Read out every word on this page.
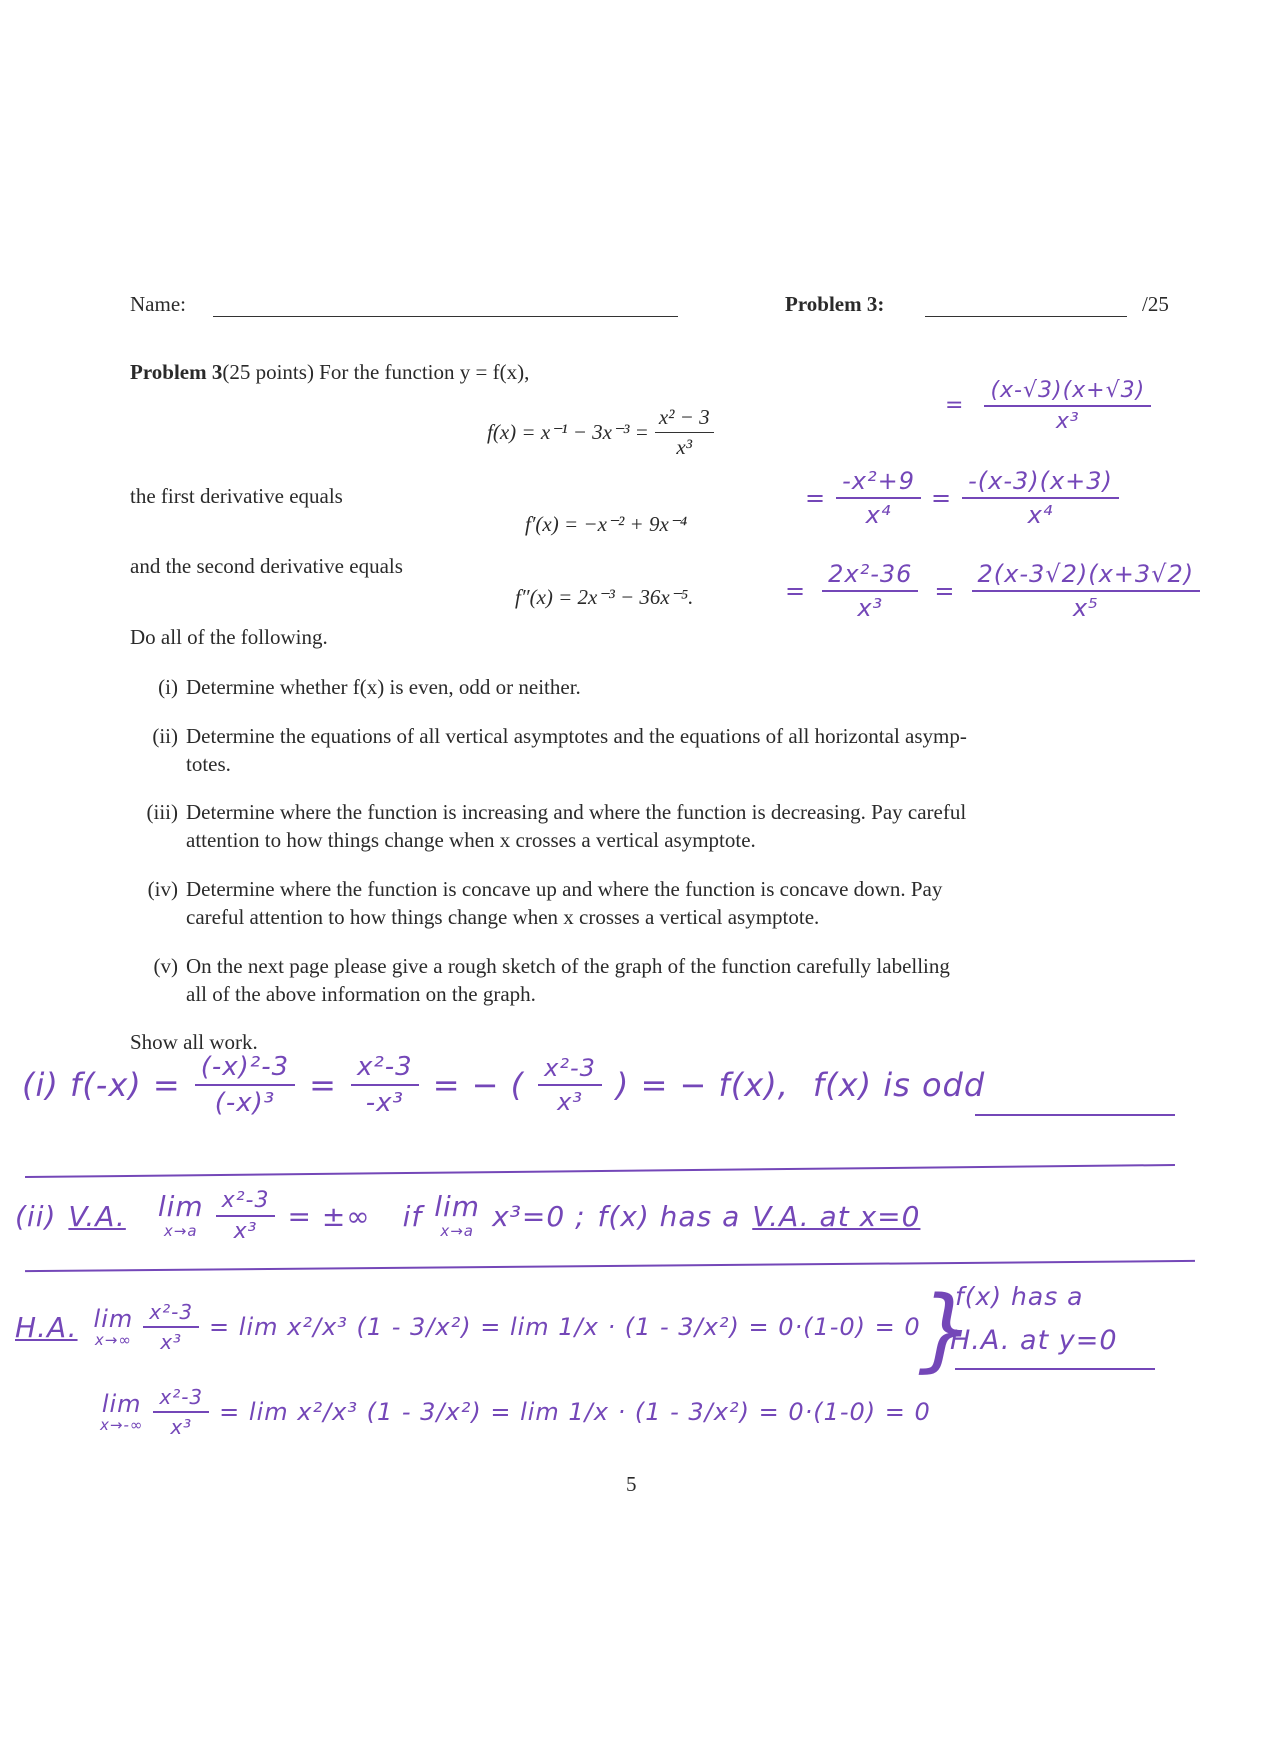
Name:	Problem 3:	/25
Problem 3(25 points) For the function y = f(x),
$f(x) = x^{-1} - 3x^{-3} = \frac{\text{x² − 3}}{\text{x³}}$
the first derivative equals
f′(x) = −x⁻² + 9x⁻⁴
and the second derivative equals
f″(x) = 2x⁻³ − 36x⁻⁵.
Do all of the following.
(i) Determine whether f(x) is even, odd or neither.
(ii) Determine the equations of all vertical asymptotes and the equations of all horizontal asymp-
totes.
(iii) Determine where the function is increasing and where the function is decreasing. Pay careful
attention to how things change when x crosses a vertical asymptote.
(iv) Determine where the function is concave up and where the function is concave down. Pay
careful attention to how things change when x crosses a vertical asymptote.
(v) On the next page please give a rough sketch of the graph of the function carefully labelling
all of the above information on the graph.
Show all work.
= $\frac{(x-√3)(x+√3)}{\text{x³}}$
= $\frac{\text{-x²+9}}{\text{x⁴}} = \frac{-(x-3)(x+3)}{\text{x⁴}}$
= $\frac{\text{2x²-36}}{\text{x³}} = \frac{2(x-3√2)(x+3√2)}{\text{x⁵}}$
(i) $f(-x) = \frac{\text{(-x)²-3}}{\text{(-x)³}} = \frac{\text{x²-3}}{\text{-x³}}$ = − ( $\frac{\text{x²-3}}{\text{x³}}$ ) = − f(x), f(x) is odd
(ii) V.A. lim
$x\to a \frac{\text{x²-3}}{\text{x³}}$ = ±∞ if lim
x→a x³=0 ; f(x) has a V.A. at x=0
H.A. lim
$x\to\infty \frac{\text{x²-3}}{\text{x³}} = \lim x^2/x^3$ (1 - 3/x²) = lim 1/x · (1 - 3/x²) = 0·(1-0) = 0
lim
$x\to-\infty \frac{\text{x²-3}}{\text{x³}} = \lim x^2/x^3$ (1 - 3/x²) = lim 1/x · (1 - 3/x²) = 0·(1-0) = 0
}
f(x) has a
H.A. at y=0
5
